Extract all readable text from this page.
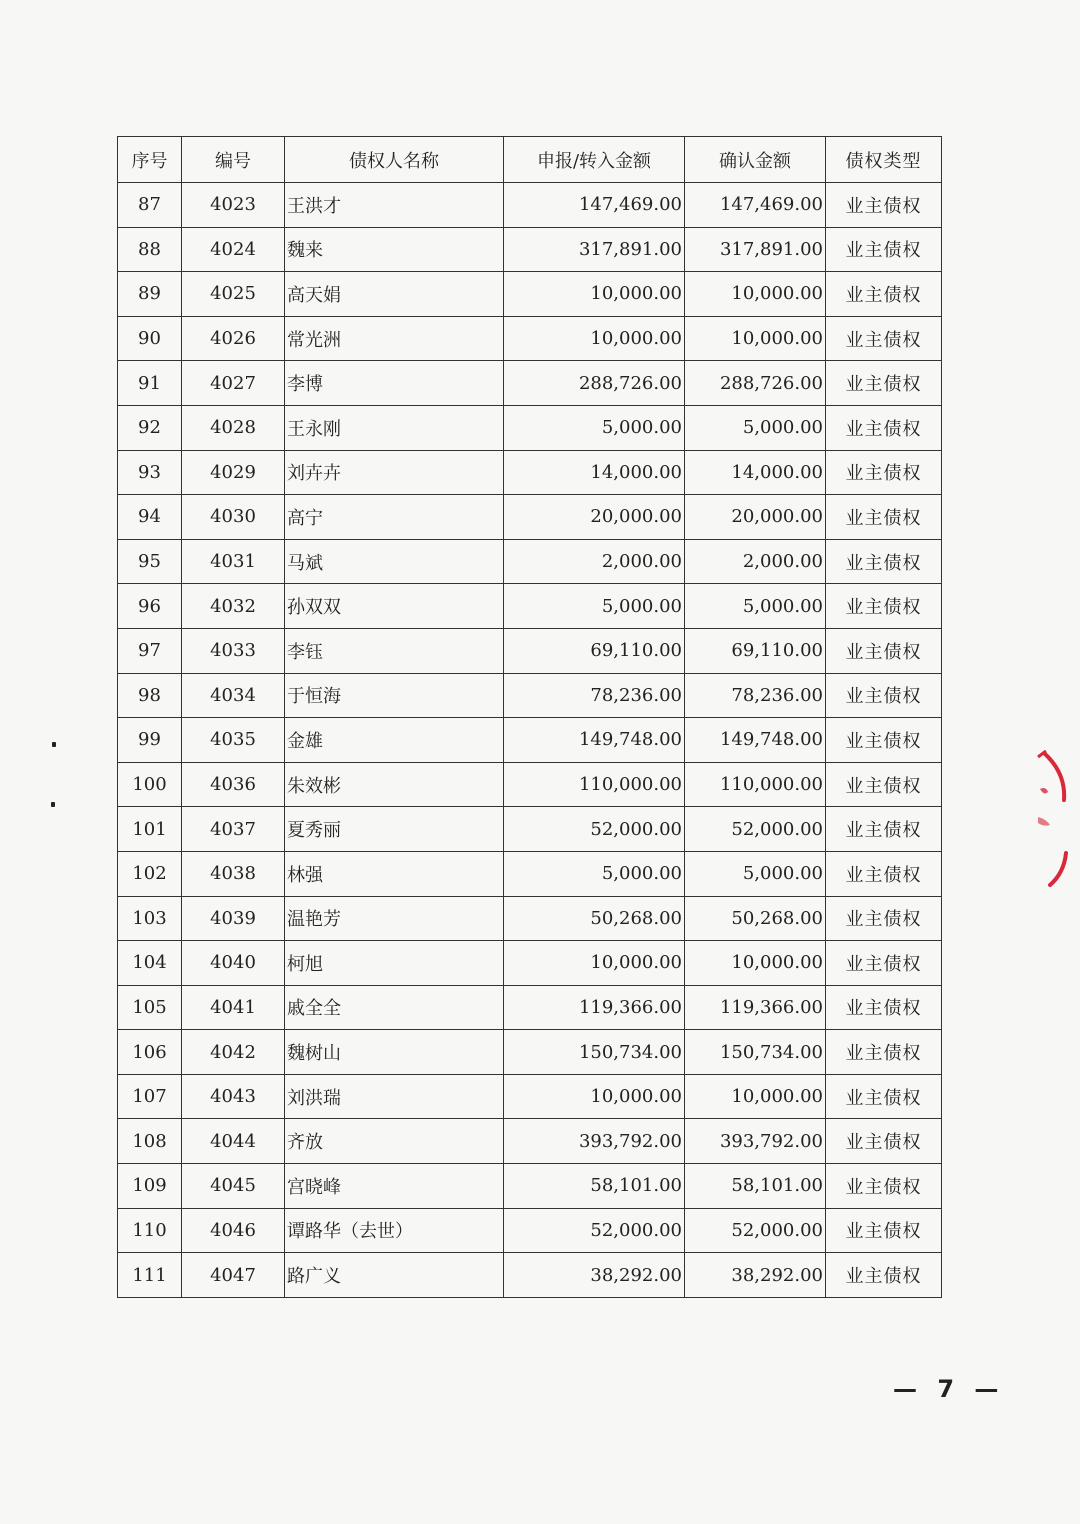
序号	编号	债权人名称	申报/转入金额	确认金额	债权类型
87	4023	王洪才	147,469.00	147,469.00	业主债权
88	4024	魏来	317,891.00	317,891.00	业主债权
89	4025	高天娟	10,000.00	10,000.00	业主债权
90	4026	常光洲	10,000.00	10,000.00	业主债权
91	4027	李博	288,726.00	288,726.00	业主债权
92	4028	王永刚	5,000.00	5,000.00	业主债权
93	4029	刘卉卉	14,000.00	14,000.00	业主债权
94	4030	高宁	20,000.00	20,000.00	业主债权
95	4031	马斌	2,000.00	2,000.00	业主债权
96	4032	孙双双	5,000.00	5,000.00	业主债权
97	4033	李钰	69,110.00	69,110.00	业主债权
98	4034	于恒海	78,236.00	78,236.00	业主债权
99	4035	金雄	149,748.00	149,748.00	业主债权
100	4036	朱效彬	110,000.00	110,000.00	业主债权
101	4037	夏秀丽	52,000.00	52,000.00	业主债权
102	4038	林强	5,000.00	5,000.00	业主债权
103	4039	温艳芳	50,268.00	50,268.00	业主债权
104	4040	柯旭	10,000.00	10,000.00	业主债权
105	4041	戚全全	119,366.00	119,366.00	业主债权
106	4042	魏树山	150,734.00	150,734.00	业主债权
107	4043	刘洪瑞	10,000.00	10,000.00	业主债权
108	4044	齐放	393,792.00	393,792.00	业主债权
109	4045	宫晓峰	58,101.00	58,101.00	业主债权
110	4046	谭路华（去世）	52,000.00	52,000.00	业主债权
111	4047	路广义	38,292.00	38,292.00	业主债权
— 7 —
